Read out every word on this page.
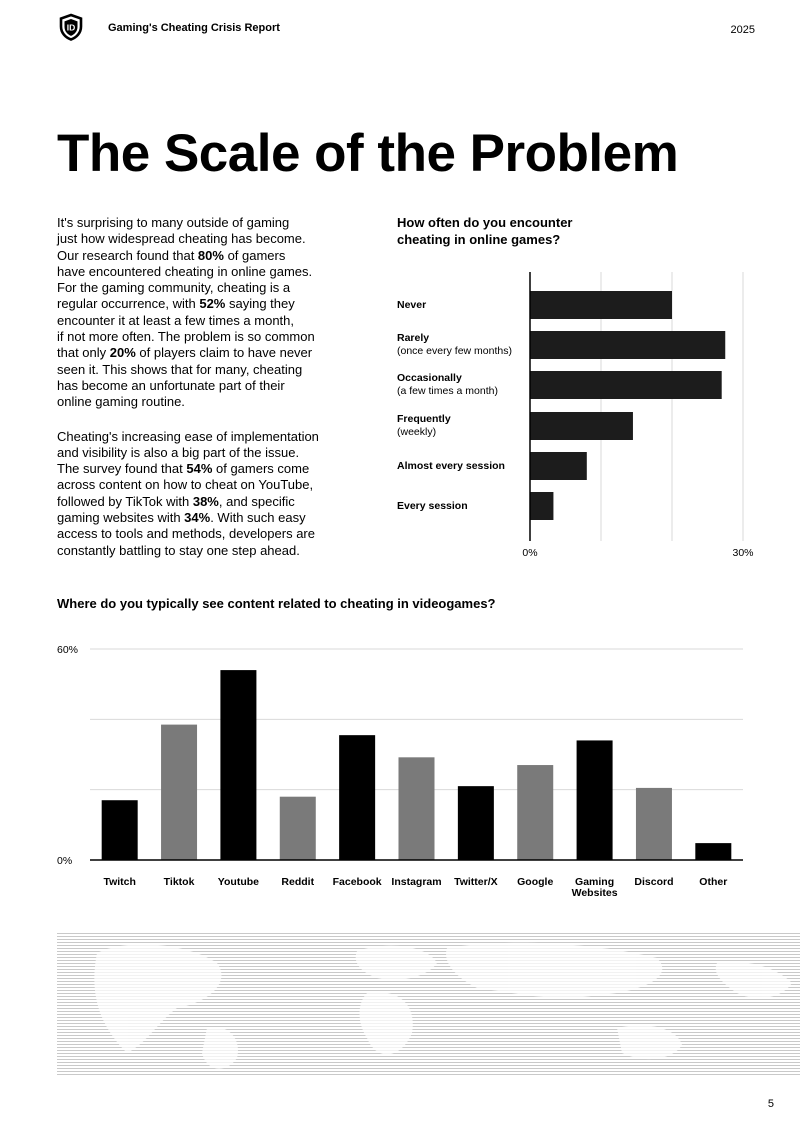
ID	Gaming's Cheating Crisis Report	2025
The Scale of the Problem

It's surprising to many outside of gaming
just how widespread cheating has become.
Our research found that 80% of gamers
have encountered cheating in online games.
For the gaming community, cheating is a
regular occurrence, with 52% saying they
encounter it at least a few times a month,
if not more often. The problem is so common
that only 20% of players claim to have never
seen it. This shows that for many, cheating
has become an unfortunate part of their
online gaming routine.

Cheating's increasing ease of implementation
and visibility is also a big part of the issue.
The survey found that 54% of gamers come
across content on how to cheat on YouTube,
followed by TikTok with 38%, and specific
gaming websites with 34%. With such easy
access to tools and methods, developers are
constantly battling to stay one step ahead.

How often do you encounter
cheating in online games?
Never
Rarely
(once every few months)
Occasionally
(a few times a month)
Frequently
(weekly)
Almost every session
Every session
Where do you typically see content related to cheating in videogames?
0%	30%
Twitch	Tiktok Youtube Reddit Facebook Instagram Twitter/X Google	Gaming Websites
Discord Other
0%
60%
5
